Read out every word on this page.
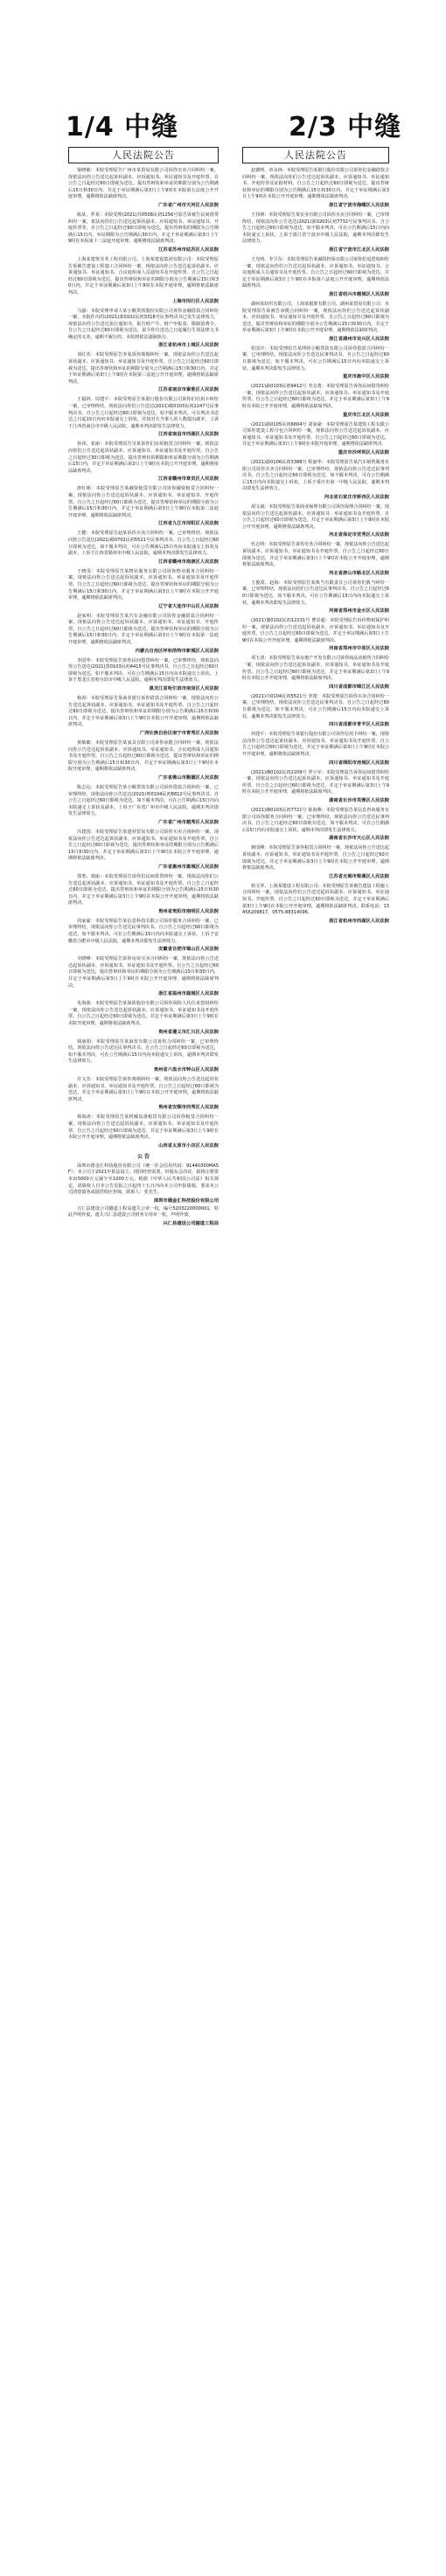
1/4 中缝	2/3 中缝
人民法院公告

梁晓敏：本院受理原告广州市某贸易有限公司诉你买卖合同纠纷一案，现依法向你公告送达起诉状副本、应诉通知书、举证通知书及开庭传票。自公告之日起经过60日即视为送达。提出答辩状和举证的期限分别为公告期满后15日和30日内，并定于举证期满后第3日上午9时在本院第五法庭公开开庭审理，逾期将依法缺席判决。

广东省广州市天河区人民法院

陈某、罗某：本院受理(2021)苏0508民初1256号原告诉被告民间借贷纠纷一案，依法向你们公告送达起诉状副本、应诉通知书、举证通知书、开庭传票等。自公告之日起经过60日即视为送达，提出答辩状的期限为公告期满后15日内，举证期限为公告期满后30日内，并定于举证期满后第3日上午9时在本院第十二法庭开庭审理，逾期将依法缺席判决。

江苏省苏州市姑苏区人民法院

上海某建筑劳务工程有限公司、上海某建设集团有限公司：本院受理原告诉被告建设工程施工合同纠纷一案，现依法向你公告送达起诉状副本、应诉通知书、举证通知书、合议庭组成人员通知书及开庭传票。自公告之日起经过60日即视为送达，提出答辩状和举证的期限分别为公告期满后15日和30日内，并定于举证期满后第3日上午9时在本院开庭审理，逾期将依法缺席判决。

上海市闵行区人民法院

马强：本院受理申请人某小额贷款股份有限公司诉你金融借款合同纠纷一案，本院作出的(2021)浙0102民初3318号民事判决书已发生法律效力，现依法向你公告送达执行通知书、报告财产令、财产申报表、限制消费令。自公告之日起经过60日即视为送达，责令你自送达之日起履行生效法律文书确定的义务，逾期不履行的，本院将依法强制执行。

浙江省杭州市上城区人民法院

刘红英：本院受理原告李某诉你离婚纠纷一案，现依法向你公告送达起诉状副本、应诉通知书、举证通知书及开庭传票。自公告之日起经过60日即视为送达，提出答辩状和举证的期限分别为公告期满后15日和30日内，并定于举证期满后第3日上午9时在本院第三法庭公开开庭审理，逾期将依法缺席判决。

江苏省南京市秦淮区人民法院

王福林、周建平：本院受理原告某银行股份有限公司诉你们信用卡纠纷一案，已审理终结，现依法向你们公告送达(2021)赣0103民初2247号民事判决书。自公告之日起经过60日即视为送达，如不服本判决，可在判决书送达之日起15日内向本院递交上诉状，并按对方当事人的人数提出副本，上诉于江西省南昌市中级人民法院，逾期本判决即发生法律效力。

江西省南昌市西湖区人民法院

孙伟、张丽：本院受理原告吴某诉你们房屋租赁合同纠纷一案，现依法向你们公告送达起诉状副本、应诉通知书、举证通知书及开庭传票。自公告之日起经过30日即视为送达，提出答辩状的期限和举证期限分别为公告期满后15日内，并定于举证期满后第3日上午9时在本院公开开庭审理，逾期将依法缺席判决。

江西省赣州市章贡区人民法院

唐红彬：本院受理原告某融资租赁有限公司诉你融资租赁合同纠纷一案，现依法向你公告送达起诉状副本、应诉通知书、举证通知书、开庭传票。自公告之日起经过60日即视为送达，提出答辩状和举证的期限分别为公告期满后15日和30日内，并定于举证期满后第3日上午9时在本院第二法庭开庭审理，逾期将依法缺席判决。

江西省九江市浔阳区人民法院

王健：本院受理原告赵某诉你买卖合同纠纷一案，已审理终结，现依法向你公告送达(2021)赣0702民初5521号民事判决书。自公告之日起经过60日即视为送达，如不服本判决，可在公告期满后15日内向本院递交上诉状及副本，上诉于江西省赣州市中级人民法院，逾期本判决即发生法律效力。

江西省赣州市南康区人民法院

于晓雯：本院受理原告某物业服务有限公司诉你物业服务合同纠纷一案，现依法向你公告送达起诉状副本、应诉通知书、举证通知书及开庭传票。自公告之日起经过60日即视为送达，提出答辩状和举证的期限分别为公告期满后15日和30日内，并定于举证期满后第3日上午9时在本院公开开庭审理，逾期将依法缺席判决。

辽宁省大连市中山区人民法院

赵家明：本院受理原告某汽车金融有限公司诉你金融借款合同纠纷一案，现依法向你公告送达起诉状副本、应诉通知书、举证通知书、开庭传票。自公告之日起经过60日即视为送达，提出答辩状和举证的期限分别为公告期满后15日和30日内，并定于举证期满后第3日上午9时在本院第一法庭开庭审理，逾期将依法缺席判决。

内蒙古自治区呼和浩特市新城区人民法院

李国华：本院受理原告诉你民间借贷纠纷一案，已审理终结，现依法向你公告送达(2021)黑0103民初4415号民事判决书。自公告之日起经过60日即视为送达，如不服本判决，可在公告期满后15日内向本院递交上诉状，上诉于黑龙江省哈尔滨市中级人民法院，逾期本判决即发生法律效力。

黑龙江省哈尔滨市南岗区人民法院

杨涛：本院受理原告某商业银行诉你借款合同纠纷一案，现依法向你公告送达起诉状副本、应诉通知书、举证通知书及开庭传票。自公告之日起经过60日即视为送达，提出答辩状和举证的期限分别为公告期满后15日和30日内，并定于举证期满后第3日上午9时在本院公开开庭审理，逾期将依法缺席判决。

广西壮族自治区南宁市青秀区人民法院

黄敏敏：本院受理原告某家具有限公司诉你承揽合同纠纷一案，现依法向你公告送达起诉状副本、应诉通知书、举证通知书、合议庭组成人员通知书及开庭传票。自公告之日起经过60日即视为送达，提出答辩状和举证的期限分别为公告期满后15日和30日内，并定于举证期满后第3日上午9时在本院开庭审理，逾期将依法缺席判决。

广东省佛山市顺德区人民法院

陈志远：本院受理原告某小额贷款有限公司诉你借款合同纠纷一案，已审理终结，现依法向你公告送达(2021)粤0104民初8812号民事判决书。自公告之日起经过60日即视为送达，如不服本判决，可在公告期满后15日内向本院递交上诉状及副本，上诉于广东省广州市中级人民法院，逾期本判决即发生法律效力。

广东省广州市越秀区人民法院

冯建国：本院受理原告某建材贸易有限公司诉你买卖合同纠纷一案，现依法向你公告送达起诉状副本、应诉通知书、举证通知书及开庭传票。自公告之日起经过60日即视为送达，提出答辩状和举证的期限分别为公告期满后15日和30日内，并定于举证期满后第3日上午9时在本院公开开庭审理，逾期将依法缺席判决。

广东省惠州市惠城区人民法院

郑勇、郭丽：本院受理原告诉你们民间借贷纠纷一案，现依法向你们公告送达起诉状副本、应诉通知书、举证通知书及开庭传票。自公告之日起经过60日即视为送达，提出答辩状和举证的期限分别为公告期满后15日和30日内，并定于举证期满后第3日上午9时在本院公开开庭审理，逾期将依法缺席判决。

贵州省贵阳市南明区人民法院

周家豪：本院受理原告某信息科技有限公司诉你服务合同纠纷一案，已审理终结，现依法向你公告送达民事判决书。自公告之日起经过60日即视为送达，如不服本判决，可在公告期满后15日内向本院递交上诉状，上诉于安徽省合肥市中级人民法院，逾期本判决即发生法律效力。

安徽省合肥市蜀山区人民法院

吴晓峰：本院受理原告诉你房屋买卖合同纠纷一案，现依法向你公告送达起诉状副本、应诉通知书、举证通知书及开庭传票。自公告之日起经过60日即视为送达，提出答辩状和举证的期限分别为公告期满后15日和30日内，并定于举证期满后第3日上午9时在本院公开开庭审理，逾期将依法缺席判决。

浙江省温州市鹿城区人民法院

朱海波：本院受理原告某保险股份有限公司诉你保险人代位求偿权纠纷一案，现依法向你公告送达起诉状副本、应诉通知书、举证通知书及开庭传票。自公告之日起经过60日即视为送达，并定于举证期满后第3日上午9时在本院开庭审理，逾期将依法缺席判决。

贵州省遵义市汇川区人民法院

钱丽娟：本院受理原告某商贸有限公司诉你合同纠纷一案，已审理终结，现依法向你公告送达民事判决书。自公告之日起经过60日即视为送达，如不服本判决，可在公告期满后15日内向本院递交上诉状，逾期本判决即发生法律效力。

贵州省六盘水市钟山区人民法院

许文杰：本院受理原告诉你离婚纠纷一案，现依法向你公告送达起诉状副本、应诉通知书、举证通知书及开庭传票。自公告之日起经过60日即视为送达，并定于举证期满后第3日上午9时在本院公开开庭审理，逾期将依法缺席判决。

贵州省安顺市西秀区人民法院

韩海涛：本院受理原告某机械设备租赁有限公司诉你租赁合同纠纷一案，现依法向你公告送达起诉状副本、应诉通知书、举证通知书及开庭传票。自公告之日起经过60日即视为送达，并定于举证期满后第3日上午9时在本院公开开庭审理，逾期将依法缺席判决。

山西省太原市小店区人民法院
公 告

深圳市德金汇科技股份有限公司（统一社会信用代码：91440300MA5F）：本公司于2021年依法设立，现因经营需要，经股东会决议，拟将注册资本由5000万元减少至1000万元。根据《中华人民共和国公司法》相关规定，请债权人自本公告见报之日起四十五日内向本公司申报债权，要求本公司清偿债务或提供相应担保。联系人：张先生。

深圳市德金汇科技股份有限公司

兴仁县建设公司隧道工程局遗失公章一枚，编号5203220000001，特此声明作废。遗失兴仁县建设公司财务专用章一枚，声明作废。

兴仁县建设公司隧道工程局
人民法院公告

赵德明、章永林：本院受理原告某银行股份有限公司诉你们金融借款合同纠纷一案，现依法向你们公告送达起诉状副本、应诉通知书、举证通知书、开庭传票及证据材料。自公告之日起经过60日即视为送达，提出答辩状和举证的期限分别为公告期满后15日和30日内，并定于举证期满后第3日上午9时在本院公开开庭审理，逾期将依法缺席判决。

浙江省宁波市海曙区人民法院

王伟锋：本院受理原告某实业有限公司诉你买卖合同纠纷一案，已审理终结，现依法向你公告送达(2021)浙0203民初7732号民事判决书。自公告之日起经过60日即视为送达，如不服本判决，可在公告期满后15日内向本院递交上诉状，上诉于浙江省宁波市中级人民法院，逾期本判决即发生法律效力。

浙江省宁波市江北区人民法院

王光明、李卫东：本院受理原告某融资担保有限公司诉你们追偿权纠纷一案，现依法向你们公告送达起诉状副本、应诉通知书、举证通知书、合议庭组成人员通知书及开庭传票。自公告之日起经过60日即视为送达，并定于举证期满后第3日上午9时在本院第六法庭公开开庭审理，逾期将依法缺席判决。

浙江省绍兴市越城区人民法院

湖州某纺织有限公司、上海某服饰有限公司、湖州某贸易有限公司：本院受理原告诉被告承揽合同纠纷一案，现依法向你们公告送达起诉状副本、应诉通知书、举证通知书及开庭传票。自公告之日起经过60日即视为送达，提出答辩状和举证的期限分别为公告期满后15日和30日内，并定于举证期满后第3日上午9时在本院公开开庭审理，逾期将依法缺席判决。

浙江省湖州市吴兴区人民法院

张国庆：本院受理原告某网络小额贷款有限公司诉你借款合同纠纷一案，已审理终结，现依法向你公告送达民事判决书。自公告之日起经过60日即视为送达，如不服本判决，可在公告期满后15日内向本院递交上诉状，逾期本判决即发生法律效力。

重庆市渝中区人民法院

(2021)渝0103民初9412号 李志勇：本院受理原告诉你民间借贷纠纷一案，现依法向你公告送达起诉状副本、应诉通知书、举证通知书及开庭传票。自公告之日起经过60日即视为送达，并定于举证期满后第3日上午9时在本院公开开庭审理，逾期将依法缺席判决。

重庆市江北区人民法院

(2021)渝0105民初6604号 刘家豪：本院受理原告某建筑工程有限公司诉你建设工程分包合同纠纷一案，现依法向你公告送达起诉状副本、应诉通知书、举证通知书及开庭传票。自公告之日起经过60日即视为送达，并定于举证期满后第3日上午9时在本院开庭审理，逾期将依法缺席判决。

重庆市沙坪坝区人民法院

(2021)渝0106民初3388号 程丽华：本院受理原告某汽车销售服务有限公司诉你买卖合同纠纷一案，已审理终结，现依法向你公告送达民事判决书。自公告之日起经过60日即视为送达，如不服本判决，可在公告期满后15日内向本院递交上诉状，上诉于重庆市第一中级人民法院，逾期本判决即发生法律效力。

河北省石家庄市桥西区人民法院

胡文斌：本院受理原告某商业保理有限公司诉你保理合同纠纷一案，现依法向你公告送达起诉状副本、应诉通知书、举证通知书及开庭传票。自公告之日起经过60日即视为送达，并定于举证期满后第3日上午9时在本院公开开庭审理，逾期将依法缺席判决。

河北省保定市竞秀区人民法院

杜志明：本院受理原告诉你劳务合同纠纷一案，现依法向你公告送达起诉状副本、应诉通知书、举证通知书及开庭传票。自公告之日起经过60日即视为送达，并定于举证期满后第3日上午9时在本院公开开庭审理，逾期将依法缺席判决。

河北省唐山市路北区人民法院

王俊霞、赵海：本院受理原告某典当有限责任公司诉你们典当纠纷一案，已审理终结，现依法向你们公告送达民事判决书。自公告之日起经过60日即视为送达，如不服本判决，可在公告期满后15日内向本院递交上诉状，逾期本判决即发生法律效力。

河南省郑州市金水区人民法院

(2021)豫0102民初12231号 曹显超：本院受理原告诉你物权保护纠纷一案，现依法向你公告送达起诉状副本、应诉通知书、举证通知书及开庭传票。自公告之日起经过60日即视为送达，并定于举证期满后第3日上午9时在本院公开开庭审理，逾期将依法缺席判决。

河南省郑州市中原区人民法院

邓玉清：本院受理原告某房地产开发有限公司诉你商品房销售合同纠纷一案，现依法向你公告送达起诉状副本、应诉通知书、举证通知书及开庭传票。自公告之日起经过60日即视为送达，并定于举证期满后第3日上午9时在本院公开开庭审理，逾期将依法缺席判决。

四川省成都市锦江区人民法院

(2021)川0104民初5521号 李建：本院受理原告诉你买卖合同纠纷一案，已审理终结，现依法向你公告送达民事判决书。自公告之日起经过60日即视为送达，如不服本判决，可在公告期满后15日内向本院递交上诉状，逾期本判决即发生法律效力。

四川省成都市青羊区人民法院

何建平：本院受理原告某银行股份有限公司诉你信用卡纠纷一案，现依法向你公告送达起诉状副本、应诉通知书、举证通知书及开庭传票。自公告之日起经过60日即视为送达，并定于举证期满后第3日上午9时在本院公开开庭审理，逾期将依法缺席判决。

四川省绵阳市涪城区人民法院

(2021)湘0102民初2209号 罗小军：本院受理原告诉你民间借贷纠纷一案，现依法向你公告送达起诉状副本、应诉通知书、举证通知书及开庭传票。自公告之日起经过60日即视为送达，并定于举证期满后第3日上午9时在本院公开开庭审理，逾期将依法缺席判决。

湖南省长沙市芙蓉区人民法院

(2021)湘0103民初7721号 陈海燕：本院受理原告某信息咨询服务有限公司诉你服务合同纠纷一案，已审理终结，现依法向你公告送达民事判决书。自公告之日起经过60日即视为送达，如不服本判决，可在公告期满后15日内向本院递交上诉状，逾期本判决即发生法律效力。

湖南省长沙市天心区人民法院

蒋国峰：本院受理原告诉你租赁合同纠纷一案，现依法向你公告送达起诉状副本、应诉通知书、举证通知书及开庭传票。自公告之日起经过60日即视为送达，并定于举证期满后第3日上午9时在本院公开开庭审理，逾期将依法缺席判决。

江苏省无锡市梁溪区人民法院

柏文华、上海某建设工程有限公司：本院受理原告诉被告建设工程施工合同纠纷一案，现依法向你们公告送达起诉状副本、应诉通知书、举证通知书、开庭传票。自公告之日起经过60日即视为送达，并定于举证期满后第3日上午9时在本院公开开庭审理，逾期将依法缺席判决。联系电话：13456209817，0575-88314096。

浙江省杭州市西湖区人民法院
